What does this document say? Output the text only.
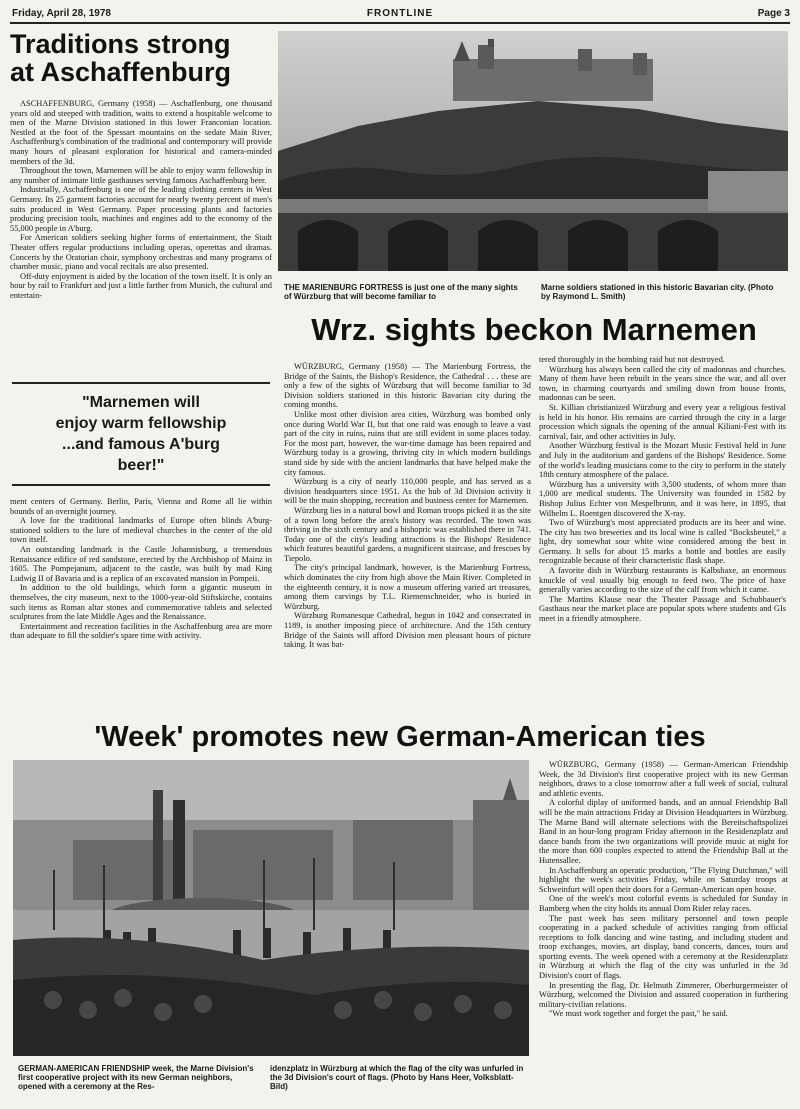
Friday, April 28, 1978	FRONTLINE	Page 3
Traditions strong
at Aschaffenburg

ASCHAFFENBURG, Germany (1958) — Aschaffenburg, one thousand years old and steeped with tradition, waits to extend a hospitable welcome to men of the Marne Division stationed in this lower Franconian location. Nestled at the foot of the Spessart mountains on the sedate Main River, Aschaffenburg's combination of the traditional and contemporary will provide many hours of pleasant exploration for historical and camera-minded members of the 3d.

Throughout the town, Marnemen will be able to enjoy warm fellowship in any number of intimate little gasthauses serving famous Aschaffenburg beer.

Industrially, Aschaffenburg is one of the leading clothing centers in West Germany. Its 25 garment factories account for nearly twenty percent of men's suits produced in West Germany. Paper processing plants and factories producing precision tools, machines and engines add to the economy of the 55,000 people in A'burg.

For American soldiers seeking higher forms of entertainment, the Stadt Theater offers regular productions including operas, operettas and dramas. Concerts by the Oratorian choir, symphony orchestras and many programs of chamber music, piano and vocal recitals are also presented.

Off-duty enjoyment is aided by the location of the town itself. It is only an hour by rail to Frankfurt and just a little farther from Munich, the cultural and entertain-

"Marnemen will
enjoy warm fellowship
...and famous A'burg
beer!"

ment centers of Germany. Berlin, Paris, Vienna and Rome all lie within bounds of an overnight journey.

A love for the traditional landmarks of Europe often blinds A'burg-stationed soldiers to the lure of medieval churches in the center of the old town itself.

An outstanding landmark is the Castle Johannisburg, a tremendous Renaissance edifice of red sandstone, erected by the Archbishop of Mainz in 1605. The Pompejanum, adjacent to the castle, was built by mad King Ludwig II of Bavaria and is a replica of an excavated mansion in Pompeii.

In addition to the old buildings, which form a gigantic museum in themselves, the city museum, next to the 1000-year-old Stiftskirche, contains such items as Roman altar stones and commemorative tablets and selected sculptures from the late Middle Ages and the Renaissance.

Entertainment and recreation facilities in the Aschaffenburg area are more than adequate to fill the soldier's spare time with activity.

THE MARIENBURG FORTRESS is just one of the many sights of Würzburg that will become familiar to
Marne soldiers stationed in this historic Bavarian city. (Photo by Raymond L. Smith)
Wrz. sights beckon Marnemen

WÜRZBURG, Germany (1958) — The Marienburg Fortress, the Bridge of the Saints, the Bishop's Residence, the Cathedral . . . these are only a few of the sights of Würzburg that will become familiar to 3d Division soldiers stationed in this historic Bavarian city during the coming months.

Unlike most other division area cities, Würzburg was bombed only once during World War II, but that one raid was enough to leave a vast part of the city in ruins, ruins that are still evident in some places today. For the most part, however, the war-time damage has been repaired and Würzburg today is a growing, thriving city in which modern buildings stand side by side with the ancient landmarks that have helped make the city famous.

Würzburg is a city of nearly 110,000 people, and has served as a division headquarters since 1951. As the hub of 3d Division activity it will be the main shopping, recreation and business center for Marnemen.

Würzburg lies in a natural bowl and Roman troops picked it as the site of a town long before the area's history was recorded. The town was thriving in the sixth century and a bishopric was established there in 741. Today one of the city's leading attractions is the Bishops' Residence which features beautiful gardens, a magnificent staircase, and frescoes by Tiepolo.

The city's principal landmark, however, is the Marienburg Fortress, which dominates the city from high above the Main River. Completed in the eighteenth century, it is now a museum offering varied art treasures, among them carvings by T.L. Riemenschneider, who is buried in Würzburg.

Würzburg Romanesque Cathedral, begun in 1042 and consecrated in 1189, is another imposing piece of architecture. And the 15th century Bridge of the Saints will afford Division men pleasant hours of picture taking. It was bat-

tered thoroughly in the bombing raid but not destroyed.

Würzburg has always been called the city of madonnas and churches. Many of them have been rebuilt in the years since the war, and all over town, in charming courtyards and smiling down from house fronts, madonnas can be seen.

St. Killian christianized Würzburg and every year a religious festival is held in his honor. His remains are carried through the city in a large procession which signals the opening of the annual Kiliani-Fest with its carnival, fair, and other activities in July.

Another Würzburg festival is the Mozart Music Festival held in June and July in the auditorium and gardens of the Bishops' Residence. Some of the world's leading musicians come to the city to perform in the stately 18th century atmosphere of the palace.

Würzburg has a university with 3,500 students, of whom more than 1,000 are medical students. The University was founded in 1582 by Bishop Julius Echter von Mespelbrunn, and it was here, in 1895, that Wilhelm L. Roentgen discovered the X-ray.

Two of Würzburg's most appreciated products are its beer and wine. The city has two breweries and its local wine is called "Bocksbeutel," a light, dry somewhat sour white wine considered among the best in Germany. It sells for about 15 marks a bottle and bottles are easily recognizable because of their characteristic flask shape.

A favorite dish in Würzburg restaurants is Kalbshaxe, an enormous knuckle of veal usually big enough to feed two. The price of haxe generally varies according to the size of the calf from which it came.

The Martins Klause near the Theater Passage and Schubbauer's Gasthaus near the market place are popular spots where students and GIs meet in a friendly atmosphere.

'Week' promotes new German-American ties
GERMAN-AMERICAN FRIENDSHIP week, the Marne Division's first cooperative project with its new German neighbors, opened with a ceremony at the Res-
idenzplatz in Würzburg at which the flag of the city was unfurled in the 3d Division's court of flags. (Photo by Hans Heer, Volksblatt-Bild)

WÜRZBURG, Germany (1958) — German-American Friendship Week, the 3d Division's first cooperative project with its new German neighbors, draws to a close tomorrow after a full week of social, cultural and athletic events.

A colorful diplay of uniformed bands, and an annual Friendship Ball will be the main attractions Friday at Division Headquarters in Würzburg. The Marne Band will alternate selections with the Bereitschaftspolizei Band in an hour-long program Friday afternoon in the Residenzplatz and dance bands from the two organizations will provide music at night for the more than 600 couples expected to attend the Friendship Ball at the Hutensallee.

In Aschaffenburg an operatic production, "The Flying Dutchman," will highlight the week's activities Friday, while on Saturday troops at Schweinfurt will open their doors for a German-American open house.

One of the week's most colorful events is scheduled for Sunday in Bamberg when the city holds its annual Dom Rider relay races.

The past week has seen military personnel and town people cooperating in a packed schedule of activities ranging from official receptions to folk dancing and wine tasting, and including student and troop exchanges, movies, art display, band concerts, dances, tours and sporting events. The week opened with a ceremony at the Residenzplatz in Würzburg at which the flag of the city was unfurled in the 3d Division's court of flags.

In presenting the flag, Dr. Helmuth Zimmerer, Oberburgermeister of Würzburg, welcomed the Division and assured cooperation in furthering military-civilian relations.

"We must work together and forget the past," he said.
